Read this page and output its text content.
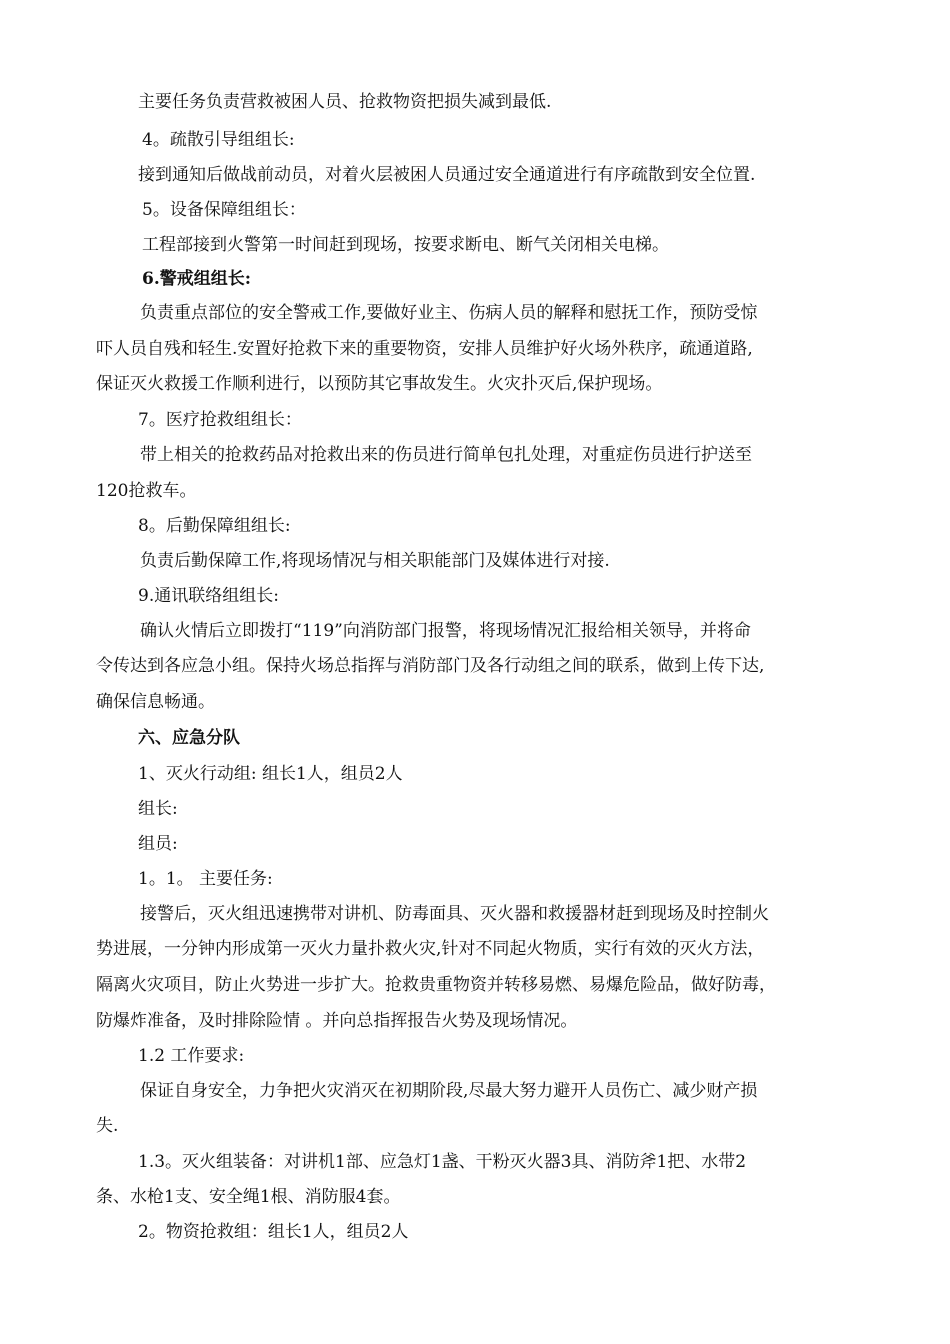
主要任务负责营救被困人员、抢救物资把损失减到最低.
4。疏散引导组组长:
接到通知后做战前动员，对着火层被困人员通过安全通道进行有序疏散到安全位置.
5。设备保障组组长：
工程部接到火警第一时间赶到现场，按要求断电、断气关闭相关电梯。
6.警戒组组长:
负责重点部位的安全警戒工作,要做好业主、伤病人员的解释和慰抚工作，预防受惊
吓人员自残和轻生.安置好抢救下来的重要物资，安排人员维护好火场外秩序，疏通道路,
保证灭火救援工作顺利进行，以预防其它事故发生。火灾扑灭后,保护现场。
7。医疗抢救组组长：
带上相关的抢救药品对抢救出来的伤员进行简单包扎处理，对重症伤员进行护送至
120抢救车。
8。后勤保障组组长:
负责后勤保障工作,将现场情况与相关职能部门及媒体进行对接.
9.通讯联络组组长:
确认火情后立即拨打“119”向消防部门报警，将现场情况汇报给相关领导，并将命
令传达到各应急小组。保持火场总指挥与消防部门及各行动组之间的联系，做到上传下达,
确保信息畅通。
六、应急分队
1、灭火行动组: 组长1人，组员2人
组长:
组员:
1。1。 主要任务:
接警后，灭火组迅速携带对讲机、防毒面具、灭火器和救援器材赶到现场及时控制火
势进展，一分钟内形成第一灭火力量扑救火灾,针对不同起火物质，实行有效的灭火方法，
隔离火灾项目，防止火势进一步扩大。抢救贵重物资并转移易燃、易爆危险品，做好防毒，
防爆炸准备，及时排除险情 。并向总指挥报告火势及现场情况。
1.2 工作要求:
保证自身安全，力争把火灾消灭在初期阶段,尽最大努力避开人员伤亡、减少财产损
失.
1.3。灭火组装备：对讲机1部、应急灯1盏、干粉灭火器3具、消防斧1把、水带2
条、水枪1支、安全绳1根、消防服4套。
2。物资抢救组：组长1人，组员2人
